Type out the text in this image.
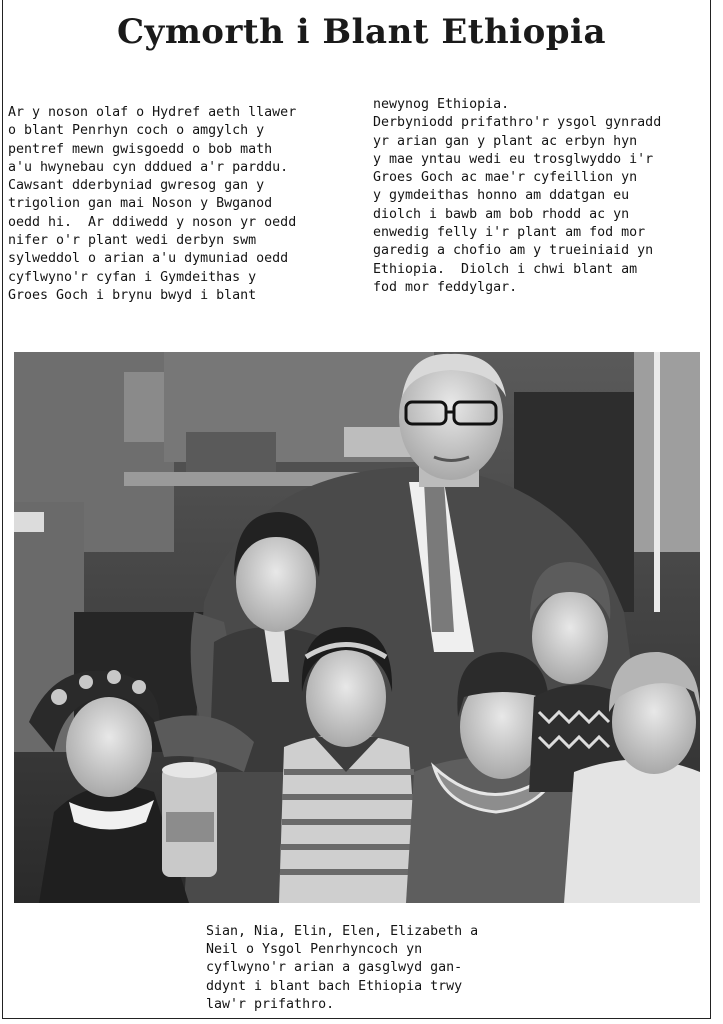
Cymorth i Blant Ethiopia
Ar y noson olaf o Hydref aeth llawer
o blant Penrhyn coch o amgylch y
pentref mewn gwisgoedd o bob math
a'u hwynebau cyn dddued a'r parddu.
Cawsant dderbyniad gwresog gan y
trigolion gan mai Noson y Bwganod
oedd hi.  Ar ddiwedd y noson yr oedd
nifer o'r plant wedi derbyn swm
sylweddol o arian a'u dymuniad oedd
cyflwyno'r cyfan i Gymdeithas y
Groes Goch i brynu bwyd i blant
newynog Ethiopia.
Derbyniodd prifathro'r ysgol gynradd
yr arian gan y plant ac erbyn hyn
y mae yntau wedi eu trosglwyddo i'r
Groes Goch ac mae'r cyfeillion yn
y gymdeithas honno am ddatgan eu
diolch i bawb am bob rhodd ac yn
enwedig felly i'r plant am fod mor
garedig a chofio am y trueiniaid yn
Ethiopia.  Diolch i chwi blant am
fod mor feddylgar.
Sian, Nia, Elin, Elen, Elizabeth a
Neil o Ysgol Penrhyncoch yn
cyflwyno'r arian a gasglwyd gan-
ddynt i blant bach Ethiopia trwy
law'r prifathro.
